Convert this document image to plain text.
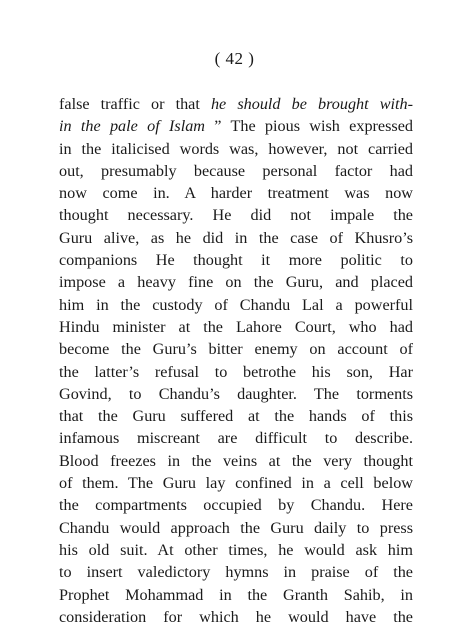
( 42 )
false traffic or that he should be brought with-
in the pale of Islam ” The pious wish expressed
in the italicised words was, however, not carried
out, presumably because personal factor had
now come in. A harder treatment was now
thought necessary. He did not impale the
Guru alive, as he did in the case of Khusro’s
companions He thought it more politic to
impose a heavy fine on the Guru, and placed
him in the custody of Chandu Lal a powerful
Hindu minister at the Lahore Court, who had
become the Guru’s bitter enemy on account of
the latter’s refusal to betrothe his son, Har
Govind, to Chandu’s daughter. The torments
that the Guru suffered at the hands of this
infamous miscreant are difficult to describe.
Blood freezes in the veins at the very thought
of them. The Guru lay confined in a cell below
the compartments occupied by Chandu. Here
Chandu would approach the Guru daily to press
his old suit. At other times, he would ask him
to insert valedictory hymns in praise of the
Prophet Mohammad in the Granth Sahib, in
consideration for which he would have the
